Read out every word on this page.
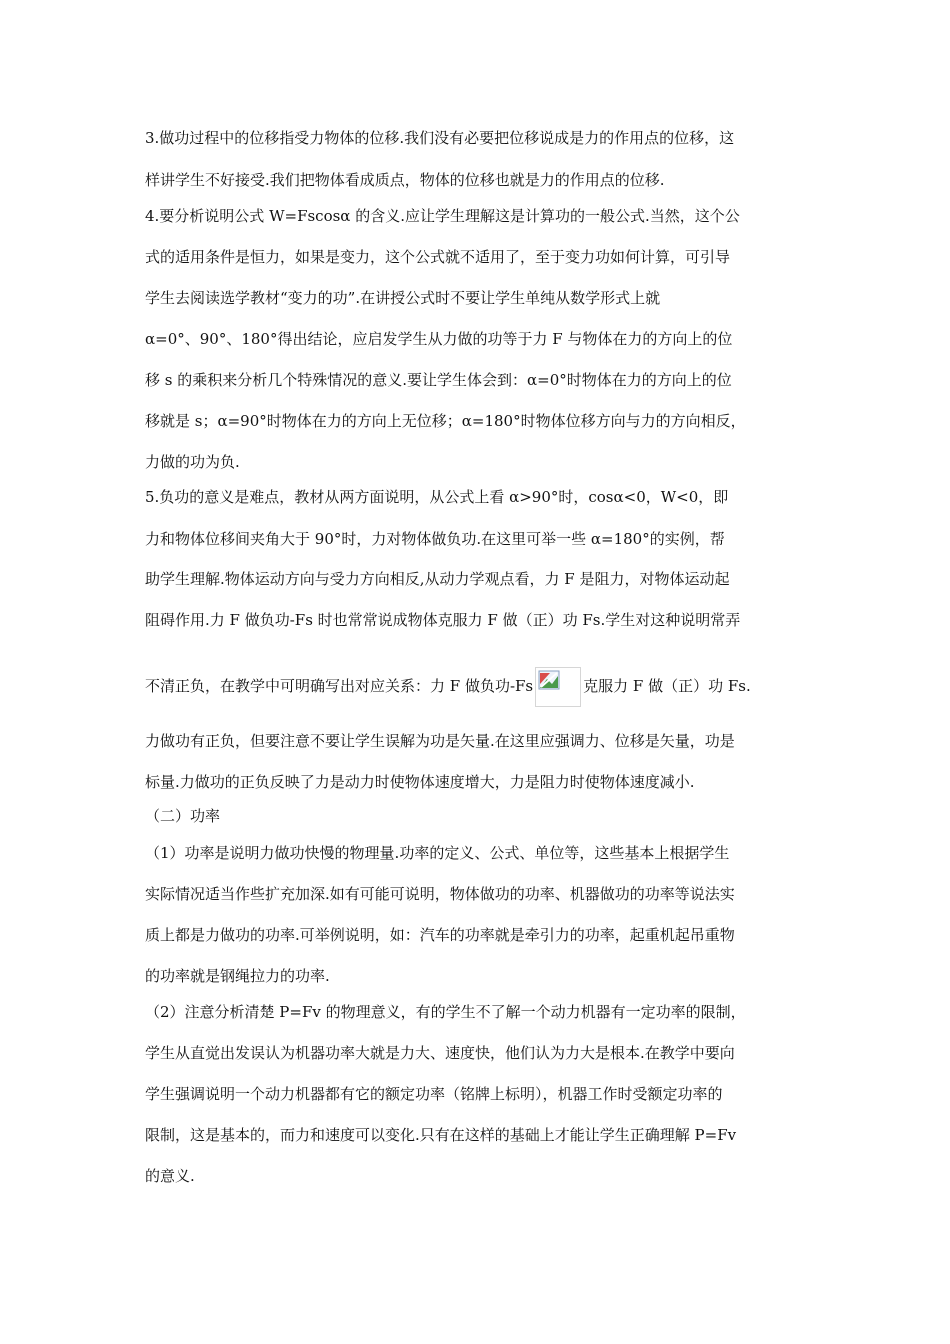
3.做功过程中的位移指受力物体的位移.我们没有必要把位移说成是力的作用点的位移，这
样讲学生不好接受.我们把物体看成质点，物体的位移也就是力的作用点的位移.
4.要分析说明公式 W=Fscosα 的含义.应让学生理解这是计算功的一般公式.当然，这个公
式的适用条件是恒力，如果是变力，这个公式就不适用了，至于变力功如何计算，可引导
学生去阅读选学教材“变力的功”.在讲授公式时不要让学生单纯从数学形式上就
α=0°、90°、180°得出结论，应启发学生从力做的功等于力 F 与物体在力的方向上的位
移 s 的乘积来分析几个特殊情况的意义.要让学生体会到：α=0°时物体在力的方向上的位
移就是 s；α=90°时物体在力的方向上无位移；α=180°时物体位移方向与力的方向相反，
力做的功为负.
5.负功的意义是难点，教材从两方面说明，从公式上看 α>90°时，cosα<0，W<0，即
力和物体位移间夹角大于 90°时，力对物体做负功.在这里可举一些 α=180°的实例，帮
助学生理解.物体运动方向与受力方向相反,从动力学观点看，力 F 是阻力，对物体运动起
阻碍作用.力 F 做负功-Fs 时也常常说成物体克服力 F 做（正）功 Fs.学生对这种说明常弄
不清正负，在教学中可明确写出对应关系：力 F 做负功-Fs	克服力 F 做（正）功 Fs.
力做功有正负，但要注意不要让学生误解为功是矢量.在这里应强调力、位移是矢量，功是
标量.力做功的正负反映了力是动力时使物体速度增大，力是阻力时使物体速度减小.
（二）功率
（1）功率是说明力做功快慢的物理量.功率的定义、公式、单位等，这些基本上根据学生
实际情况适当作些扩充加深.如有可能可说明，物体做功的功率、机器做功的功率等说法实
质上都是力做功的功率.可举例说明，如：汽车的功率就是牵引力的功率，起重机起吊重物
的功率就是钢绳拉力的功率.
（2）注意分析清楚 P=Fv 的物理意义，有的学生不了解一个动力机器有一定功率的限制，
学生从直觉出发误认为机器功率大就是力大、速度快，他们认为力大是根本.在教学中要向
学生强调说明一个动力机器都有它的额定功率（铭牌上标明），机器工作时受额定功率的
限制，这是基本的，而力和速度可以变化.只有在这样的基础上才能让学生正确理解 P=Fv
的意义.
